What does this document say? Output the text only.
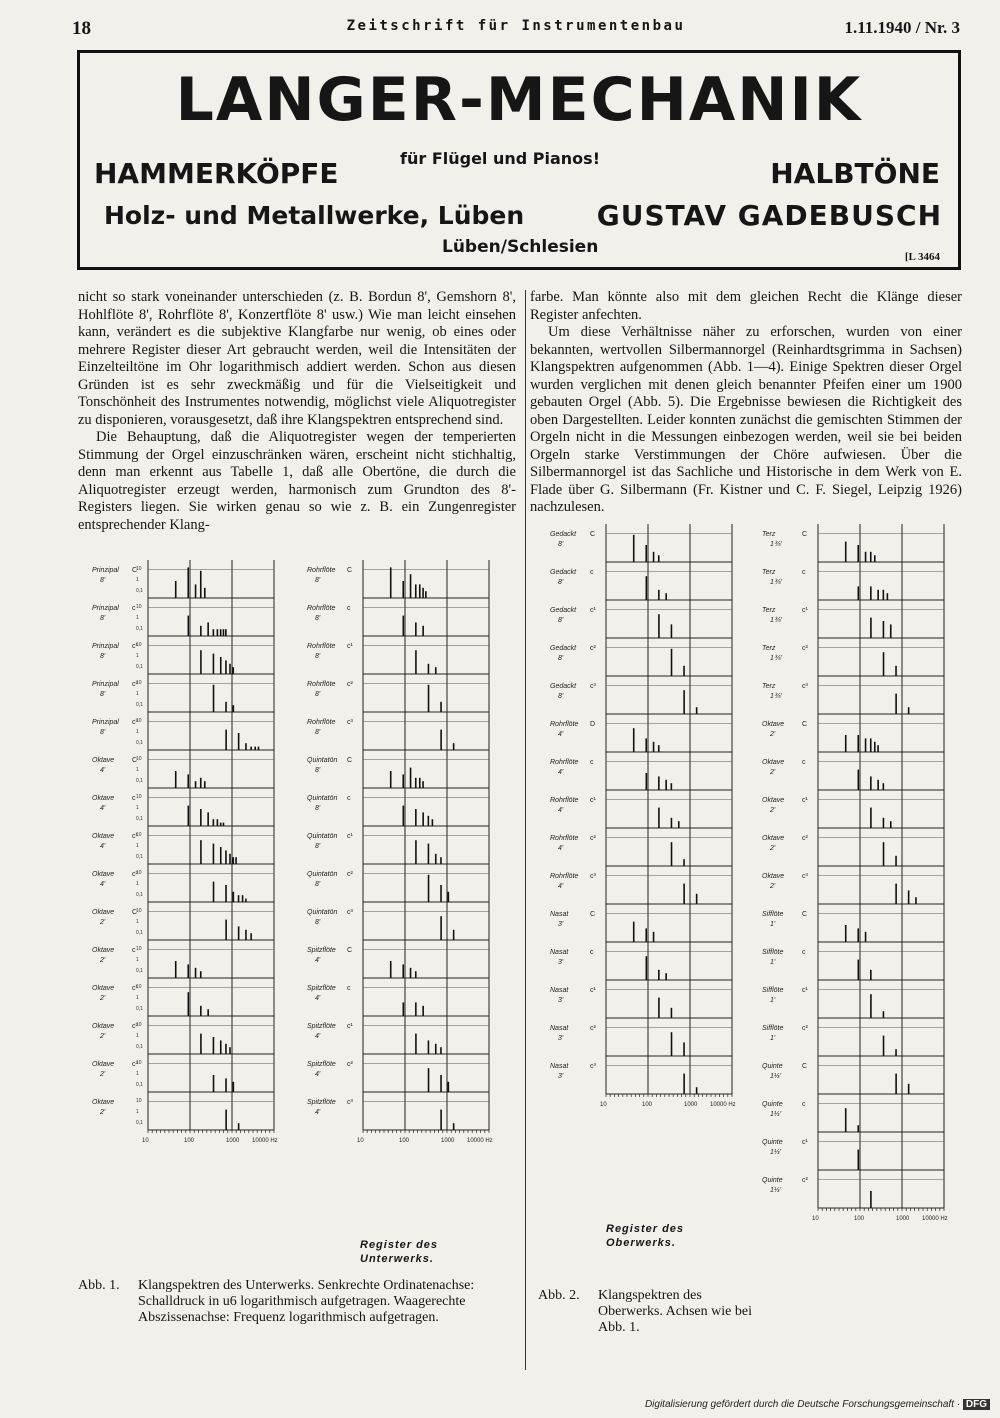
18	Zeitschrift für Instrumentenbau	1.11.1940 / Nr. 3
LANGER-MECHANIK
für Flügel und Pianos!
HAMMERKÖPFE	HALBTÖNE
Holz- und Metallwerke, Lüben	GUSTAV GADEBUSCH
Lüben/Schlesien	[L 3464

nicht so stark voneinander unterschieden (z. B. Bordun 8', Gemshorn 8', Hohlflöte 8', Rohrflöte 8', Konzertflöte 8' usw.) Wie man leicht einsehen kann, verändert es die subjektive Klangfarbe nur wenig, ob eines oder mehrere Register dieser Art gebraucht werden, weil die Intensitäten der Einzelteiltöne im Ohr logarithmisch addiert werden. Schon aus diesen Gründen ist es sehr zweckmäßig und für die Vielseitigkeit und Tonschönheit des Instrumentes notwendig, möglichst viele Aliquotregister zu disponieren, vorausgesetzt, daß ihre Klangspektren entsprechend sind.

Die Behauptung, daß die Aliquotregister wegen der temperierten Stimmung der Orgel einzuschränken wären, erscheint nicht stichhaltig, denn man erkennt aus Tabelle 1, daß alle Obertöne, die durch die Aliquotregister erzeugt werden, harmonisch zum Grundton des 8'-Registers liegen. Sie wirken genau so wie z. B. ein Zungenregister entsprechender Klang-

farbe. Man könnte also mit dem gleichen Recht die Klänge dieser Register anfechten.

Um diese Verhältnisse näher zu erforschen, wurden von einer bekannten, wertvollen Silbermannorgel (Reinhardtsgrimma in Sachsen) Klangspektren aufgenommen (Abb. 1—4). Einige Spektren dieser Orgel wurden verglichen mit denen gleich benannter Pfeifen einer um 1900 gebauten Orgel (Abb. 5). Die Ergebnisse bewiesen die Richtigkeit des oben Dargestellten. Leider konnten zunächst die gemischten Stimmen der Orgeln nicht in die Messungen einbezogen werden, weil sie bei beiden Orgeln starke Verstimmungen der Chöre aufwiesen. Über die Silbermannorgel ist das Sachliche und Historische in dem Werk von E. Flade über G. Silbermann (Fr. Kistner und C. F. Siegel, Leipzig 1926) nachzulesen.

Prinzipal
8'
C
10
1
0,1
Prinzipal
8'
c 10
1
0,1
Prinzipal
8'
c¹
10
1
0,1
Prinzipal
8'
c²
10
1
0,1
Prinzipal
8'
c³
10
1
0,1
Oktave
4'
C
10
1
0,1
Oktave
4'
c 10
1
0,1
Oktave
4'
c¹
10
1
0,1
Oktave
4'
c²
10
1
0,1
Oktave
2'
C
10
1
0,1
Oktave
2'
c 10
1
0,1
Oktave
2'
c¹
10
1
0,1
Oktave
2'
c²
10
1
0,1
Oktave
2'
c³
10
1
0,1
Oktave
2'
10
1
0,1
10	100	1000 10000 Hz
Rohrflöte
8'
C
Rohrflöte
8'
c
Rohrflöte
8'
c¹
Rohrflöte
8'
c²
Rohrflöte
8'
c³
Quintatön
8'
C
Quintatön
8'
c
Quintatön
8'
c¹
Quintatön
8'
c²
Quintatön
8'
c³
Spitzflöte
4'
C
Spitzflöte
4'
c
Spitzflöte
4'
c¹
Spitzflöte
4'
c²
Spitzflöte
4'
c³
10	100	1000 10000 Hz
Gedackt
8'
C
Gedackt
8'
c
Gedackt
8'
c¹
Gedackt
8'
c²
Gedackt
8'
c³
Rohrflöte
4'
D
Rohrflöte
4'
c
Rohrflöte
4'
c¹
Rohrflöte
4'
c²
Rohrflöte
4'
c³
Nasat
3'
C
Nasat
3'
c
Nasat
3'
c¹
Nasat
3'
c²
Nasat
3'
c³
10	100	1000 10000 Hz
Terz
1⅗'
C
Terz
1⅗'
c
Terz
1⅗'
c¹
Terz
1⅗'
c²
Terz
1⅗'
c³
Oktave
2'
C
Oktave
2'
c
Oktave
2'
c¹
Oktave
2'
c²
Oktave
2'
c³
Sifflöte
1'
C
Sifflöte
1'
c
Sifflöte
1'
c¹
Sifflöte
1'
c²
Quinte
1⅓'
C
Quinte
1⅓'
c
Quinte
1⅓'
c¹
Quinte
1⅓'
c²
10	100	1000 10000 Hz
Register des Unterwerks.
Register des Oberwerks.
Abb. 1. Klangspektren des Unterwerks. Senkrechte Ordinatenachse: Schalldruck in u6 logarithmisch aufgetragen. Waagerechte Abszissenachse: Frequenz logarithmisch aufgetragen.
Abb. 2. Klangspektren des Oberwerks. Achsen wie bei Abb. 1.
Digitalisierung gefördert durch die Deutsche Forschungsgemeinschaft · DFG
